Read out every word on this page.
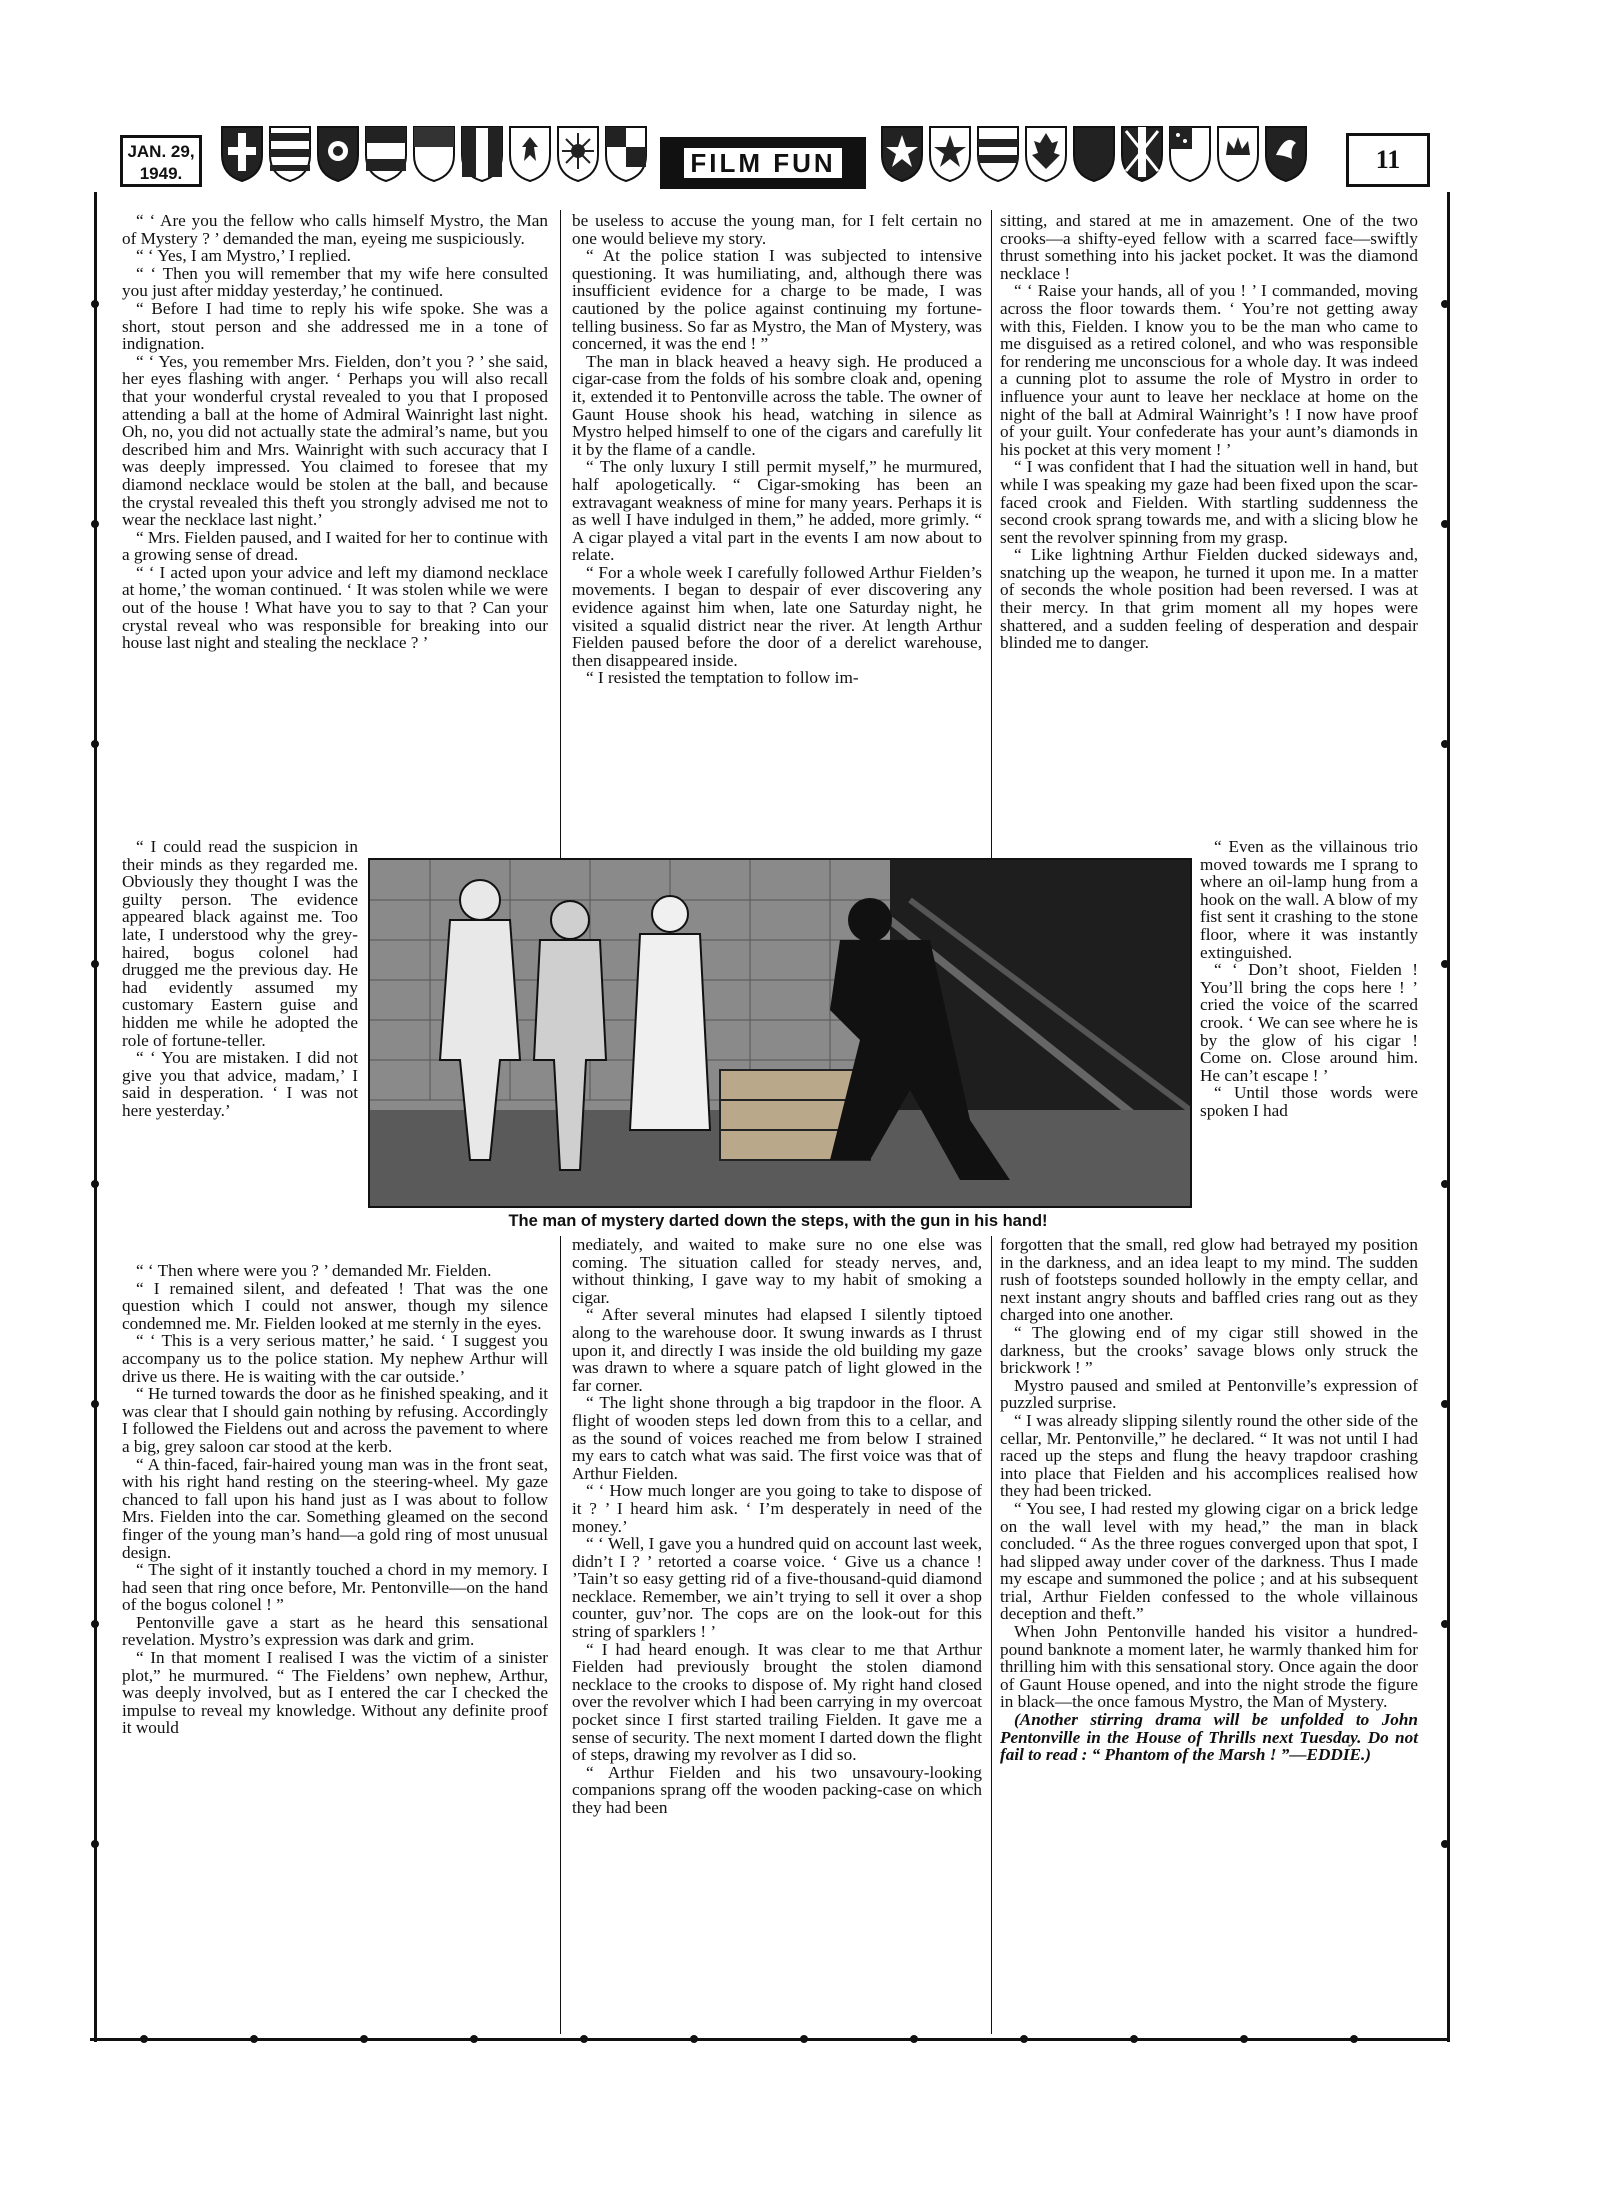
JAN. 29,
1949.	FILM FUN	11

“ ‘ Are you the fellow who calls himself Mystro, the Man of Mystery ? ’ demanded the man, eyeing me suspiciously.

“ ‘ Yes, I am Mystro,’ I replied.

“ ‘ Then you will remember that my wife here consulted you just after midday yesterday,’ he continued.

“ Before I had time to reply his wife spoke. She was a short, stout person and she addressed me in a tone of indignation.

“ ‘ Yes, you remember Mrs. Fielden, don’t you ? ’ she said, her eyes flashing with anger. ‘ Perhaps you will also recall that your wonderful crystal revealed to you that I proposed attending a ball at the home of Admiral Wainright last night. Oh, no, you did not actually state the admiral’s name, but you described him and Mrs. Wainright with such accuracy that I was deeply impressed. You claimed to foresee that my diamond necklace would be stolen at the ball, and because the crystal revealed this theft you strongly advised me not to wear the necklace last night.’

“ Mrs. Fielden paused, and I waited for her to continue with a growing sense of dread.

“ ‘ I acted upon your advice and left my diamond necklace at home,’ the woman continued. ‘ It was stolen while we were out of the house ! What have you to say to that ? Can your crystal reveal who was responsible for breaking into our house last night and stealing the necklace ? ’

“ I could read the suspicion in their minds as they regarded me. Obviously they thought I was the guilty person. The evidence appeared black against me. Too late, I understood why the grey-haired, bogus colonel had drugged me the previous day. He had evidently assumed my customary Eastern guise and hidden me while he adopted the role of fortune-teller.

“ ‘ You are mistaken. I did not give you that advice, madam,’ I said in desperation. ‘ I was not here yesterday.’

“ ‘ Then where were you ? ’ demanded Mr. Fielden.

“ I remained silent, and defeated ! That was the one question which I could not answer, though my silence condemned me. Mr. Fielden looked at me sternly in the eyes.

“ ‘ This is a very serious matter,’ he said. ‘ I suggest you accompany us to the police station. My nephew Arthur will drive us there. He is waiting with the car outside.’

“ He turned towards the door as he finished speaking, and it was clear that I should gain nothing by refusing. Accordingly I followed the Fieldens out and across the pavement to where a big, grey saloon car stood at the kerb.

“ A thin-faced, fair-haired young man was in the front seat, with his right hand resting on the steering-wheel. My gaze chanced to fall upon his hand just as I was about to follow Mrs. Fielden into the car. Something gleamed on the second finger of the young man’s hand—a gold ring of most unusual design.

“ The sight of it instantly touched a chord in my memory. I had seen that ring once before, Mr. Pentonville—on the hand of the bogus colonel ! ”

Pentonville gave a start as he heard this sensational revelation. Mystro’s expression was dark and grim.

“ In that moment I realised I was the victim of a sinister plot,” he murmured. “ The Fieldens’ own nephew, Arthur, was deeply involved, but as I entered the car I checked the impulse to reveal my knowledge. Without any definite proof it would

be useless to accuse the young man, for I felt certain no one would believe my story.

“ At the police station I was subjected to intensive questioning. It was humiliating, and, although there was insufficient evidence for a charge to be made, I was cautioned by the police against continuing my fortune-telling business. So far as Mystro, the Man of Mystery, was concerned, it was the end ! ”

The man in black heaved a heavy sigh. He produced a cigar-case from the folds of his sombre cloak and, opening it, extended it to Pentonville across the table. The owner of Gaunt House shook his head, watching in silence as Mystro helped himself to one of the cigars and carefully lit it by the flame of a candle.

“ The only luxury I still permit myself,” he murmured, half apologetically. “ Cigar-smoking has been an extravagant weakness of mine for many years. Perhaps it is as well I have indulged in them,” he added, more grimly. “ A cigar played a vital part in the events I am now about to relate.

“ For a whole week I carefully followed Arthur Fielden’s movements. I began to despair of ever discovering any evidence against him when, late one Saturday night, he visited a squalid district near the river. At length Arthur Fielden paused before the door of a derelict warehouse, then disappeared inside.

“ I resisted the temptation to follow im-

mediately, and waited to make sure no one else was coming. The situation called for steady nerves, and, without thinking, I gave way to my habit of smoking a cigar.

“ After several minutes had elapsed I silently tiptoed along to the warehouse door. It swung inwards as I thrust upon it, and directly I was inside the old building my gaze was drawn to where a square patch of light glowed in the far corner.

“ The light shone through a big trapdoor in the floor. A flight of wooden steps led down from this to a cellar, and as the sound of voices reached me from below I strained my ears to catch what was said. The first voice was that of Arthur Fielden.

“ ‘ How much longer are you going to take to dispose of it ? ’ I heard him ask. ‘ I’m desperately in need of the money.’

“ ‘ Well, I gave you a hundred quid on account last week, didn’t I ? ’ retorted a coarse voice. ‘ Give us a chance ! ’Tain’t so easy getting rid of a five-thousand-quid diamond necklace. Remember, we ain’t trying to sell it over a shop counter, guv’nor. The cops are on the look-out for this string of sparklers ! ’

“ I had heard enough. It was clear to me that Arthur Fielden had previously brought the stolen diamond necklace to the crooks to dispose of. My right hand closed over the revolver which I had been carrying in my overcoat pocket since I first started trailing Fielden. It gave me a sense of security. The next moment I darted down the flight of steps, drawing my revolver as I did so.

“ Arthur Fielden and his two unsavoury-looking companions sprang off the wooden packing-case on which they had been

sitting, and stared at me in amazement. One of the two crooks—a shifty-eyed fellow with a scarred face—swiftly thrust something into his jacket pocket. It was the diamond necklace !

“ ‘ Raise your hands, all of you ! ’ I commanded, moving across the floor towards them. ‘ You’re not getting away with this, Fielden. I know you to be the man who came to me disguised as a retired colonel, and who was responsible for rendering me unconscious for a whole day. It was indeed a cunning plot to assume the role of Mystro in order to influence your aunt to leave her necklace at home on the night of the ball at Admiral Wainright’s ! I now have proof of your guilt. Your confederate has your aunt’s diamonds in his pocket at this very moment ! ’

“ I was confident that I had the situation well in hand, but while I was speaking my gaze had been fixed upon the scar-faced crook and Fielden. With startling suddenness the second crook sprang towards me, and with a slicing blow he sent the revolver spinning from my grasp.

“ Like lightning Arthur Fielden ducked sideways and, snatching up the weapon, he turned it upon me. In a matter of seconds the whole position had been reversed. I was at their mercy. In that grim moment all my hopes were shattered, and a sudden feeling of desperation and despair blinded me to danger.

“ Even as the villainous trio moved towards me I sprang to where an oil-lamp hung from a hook on the wall. A blow of my fist sent it crashing to the stone floor, where it was instantly extinguished.

“ ‘ Don’t shoot, Fielden ! You’ll bring the cops here ! ’ cried the voice of the scarred crook. ‘ We can see where he is by the glow of his cigar ! Come on. Close around him. He can’t escape ! ’

“ Until those words were spoken I had

forgotten that the small, red glow had betrayed my position in the darkness, and an idea leapt to my mind. The sudden rush of footsteps sounded hollowly in the empty cellar, and next instant angry shouts and baffled cries rang out as they charged into one another.

“ The glowing end of my cigar still showed in the darkness, but the crooks’ savage blows only struck the brickwork ! ”

Mystro paused and smiled at Pentonville’s expression of puzzled surprise.

“ I was already slipping silently round the other side of the cellar, Mr. Pentonville,” he declared. “ It was not until I had raced up the steps and flung the heavy trapdoor crashing into place that Fielden and his accomplices realised how they had been tricked.

“ You see, I had rested my glowing cigar on a brick ledge on the wall level with my head,” the man in black concluded. “ As the three rogues converged upon that spot, I had slipped away under cover of the darkness. Thus I made my escape and summoned the police ; and at his subsequent trial, Arthur Fielden confessed to the whole villainous deception and theft.”

When John Pentonville handed his visitor a hundred-pound banknote a moment later, he warmly thanked him for thrilling him with this sensational story. Once again the door of Gaunt House opened, and into the night strode the figure in black—the once famous Mystro, the Man of Mystery.

(Another stirring drama will be unfolded to John Pentonville in the House of Thrills next Tuesday. Do not fail to read : “ Phantom of the Marsh ! ”—EDDIE.)

The man of mystery darted down the steps, with the gun in his hand!
